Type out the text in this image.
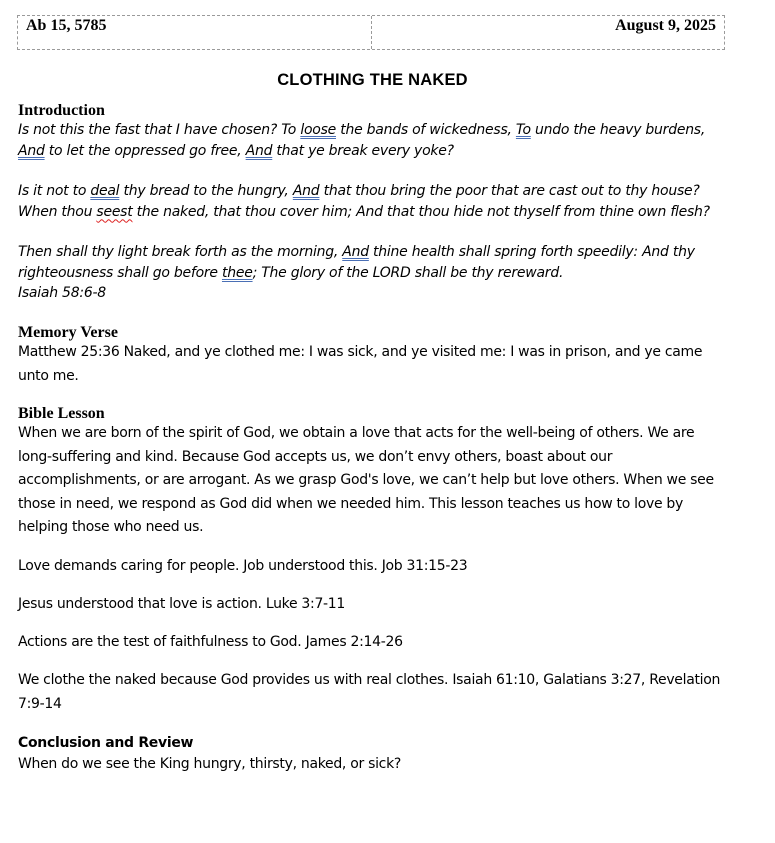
Ab 15, 5785	August 9, 2025
CLOTHING THE NAKED
Introduction

Is not this the fast that I have chosen? To loose the bands of wickedness, To undo the heavy burdens, And to let the oppressed go free, And that ye break every yoke?

Is it not to deal thy bread to the hungry, And that thou bring the poor that are cast out to thy house?
When thou seest the naked, that thou cover him; And that thou hide not thyself from thine own flesh?

Then shall thy light break forth as the morning, And thine health shall spring forth speedily: And thy righteousness shall go before thee; The glory of the LORD shall be thy rereward.
Isaiah 58:6-8

Memory Verse

Matthew 25:36 Naked, and ye clothed me: I was sick, and ye visited me: I was in prison, and ye came unto me.

Bible Lesson

When we are born of the spirit of God, we obtain a love that acts for the well-being of others. We are long-suffering and kind. Because God accepts us, we don’t envy others, boast about our accomplishments, or are arrogant. As we grasp God's love, we can’t help but love others. When we see those in need, we respond as God did when we needed him. This lesson teaches us how to love by helping those who need us.

Love demands caring for people. Job understood this. Job 31:15-23

Jesus understood that love is action. Luke 3:7-11

Actions are the test of faithfulness to God. James 2:14-26

We clothe the naked because God provides us with real clothes. Isaiah 61:10, Galatians 3:27, Revelation 7:9-14

Conclusion and Review

When do we see the King hungry, thirsty, naked, or sick?
